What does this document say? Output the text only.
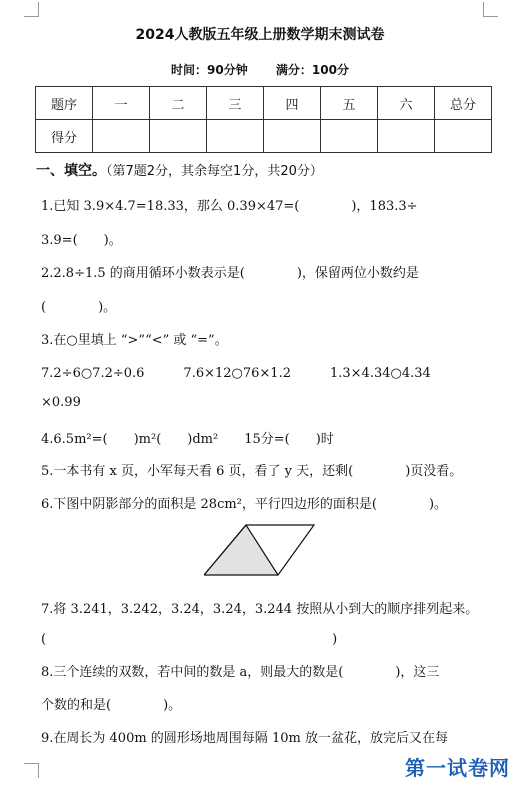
2024人教版五年级上册数学期末测试卷
时间：90分钟 满分：100分
题序	一	二	三	四	五	六	总分
得分							
一、填空。（第7题2分，其余每空1分，共20分）
1.已知 3.9×4.7=18.33，那么 0.39×47=(　　　　)，183.3÷
3.9=(　　)。
2.2.8÷1.5 的商用循环小数表示是(　　　　)，保留两位小数约是
(　　　　)。
3.在○里填上 “>”“<” 或 “=”。
7.2÷6○7.2÷0.6　　　7.6×12○76×1.2　　　1.3×4.34○4.34
×0.99
4.6.5m²=(　　)m²(　　)dm²　　15分=(　　)时
5.一本书有 x 页，小军每天看 6 页，看了 y 天，还剩(　　　　)页没看。
6.下图中阴影部分的面积是 28cm²，平行四边形的面积是(　　　　)。
7.将 3.241，3.242，3.24，3.24，3.244 按照从小到大的顺序排列起来。
(　　　　　　　　　　　　　　　　　　　　　　)
8.三个连续的双数，若中间的数是 a，则最大的数是(　　　　)，这三
个数的和是(　　　　)。
9.在周长为 400m 的圆形场地周围每隔 10m 放一盆花，放完后又在每
第一试卷网
